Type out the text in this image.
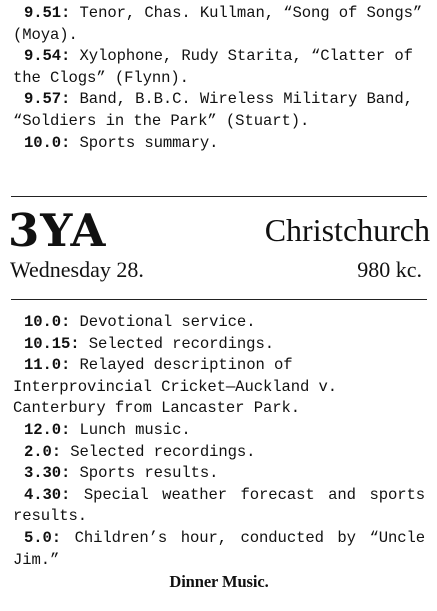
9.51: Tenor, Chas. Kullman, “Song of Songs” (Moya).
9.54: Xylophone, Rudy Starita, “Clatter of the Clogs” (Flynn).
9.57: Band, B.B.C. Wireless Military Band, “Soldiers in the Park” (Stuart).
10.0: Sports summary.
3YA	Christchurch
Wednesday 28.	980 kc.
10.0: Devotional service.
10.15: Selected recordings.
11.0: Relayed descriptinon of Interprovincial Cricket—Auckland v. Canterbury from Lancaster Park.
12.0: Lunch music.
2.0: Selected recordings.
3.30: Sports results.
4.30: Special weather forecast and sports results.
5.0: Children’s hour, conducted by “Uncle Jim.”
Dinner Music.
